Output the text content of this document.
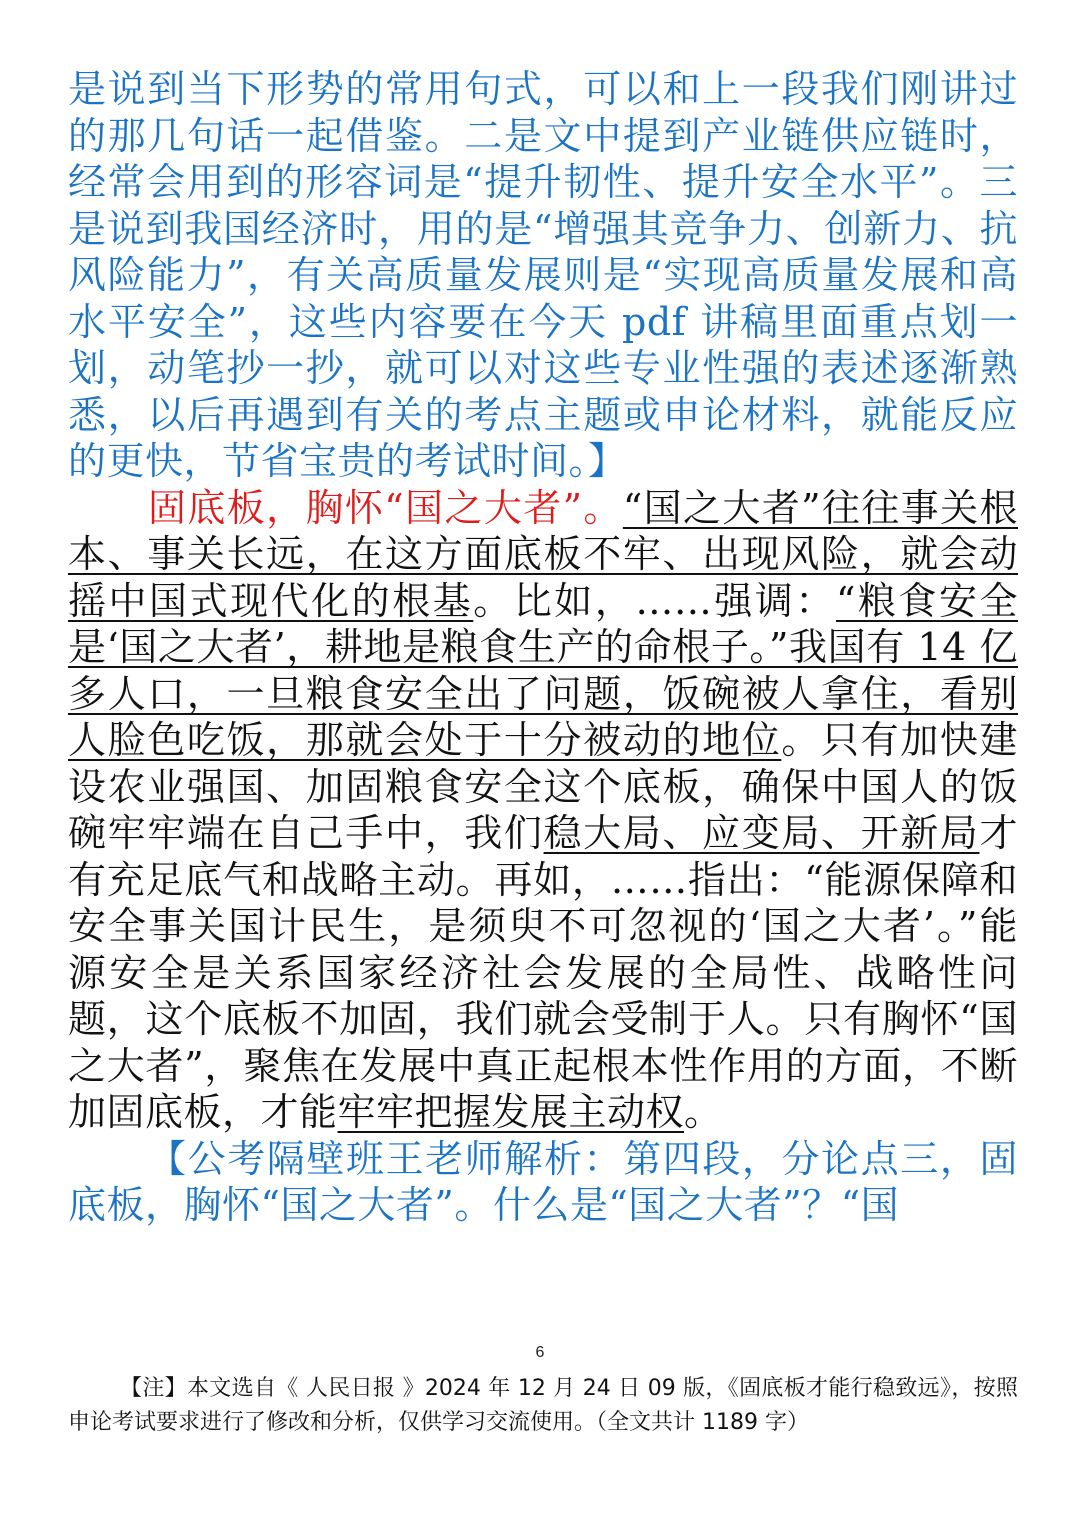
是说到当下形势的常用句式，可以和上一段我们刚讲过的那几句话一起借鉴。二是文中提到产业链供应链时，经常会用到的形容词是“提升韧性、提升安全水平”。三是说到我国经济时，用的是“增强其竞争力、创新力、抗风险能力”，有关高质量发展则是“实现高质量发展和高水平安全”，这些内容要在今天 pdf 讲稿里面重点划一划，动笔抄一抄，就可以对这些专业性强的表述逐渐熟悉，以后再遇到有关的考点主题或申论材料，就能反应的更快，节省宝贵的考试时间。】

固底板，胸怀“国之大者”。“国之大者”往往事关根本、事关长远，在这方面底板不牢、出现风险，就会动摇中国式现代化的根基。比如，……强调：“粮食安全是‘国之大者’，耕地是粮食生产的命根子。”我国有 14 亿多人口，一旦粮食安全出了问题，饭碗被人拿住，看别人脸色吃饭，那就会处于十分被动的地位。只有加快建设农业强国、加固粮食安全这个底板，确保中国人的饭碗牢牢端在自己手中，我们稳大局、应变局、开新局才有充足底气和战略主动。再如，……指出：“能源保障和安全事关国计民生，是须臾不可忽视的‘国之大者’。”能源安全是关系国家经济社会发展的全局性、战略性问题，这个底板不加固，我们就会受制于人。只有胸怀“国之大者”，聚焦在发展中真正起根本性作用的方面，不断加固底板，才能牢牢把握发展主动权。

【公考隔壁班王老师解析：第四段，分论点三，固底板，胸怀“国之大者”。什么是“国之大者”？“国

6

【注】本文选自《 人民日报 》2024 年 12 月 24 日 09 版，《固底板才能行稳致远》，按照申论考试要求进行了修改和分析，仅供学习交流使用。（全文共计 1189 字）
